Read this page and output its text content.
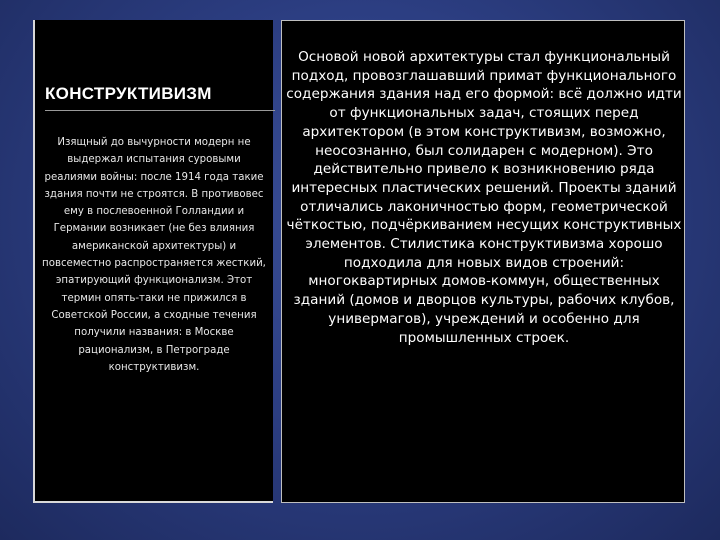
КОНСТРУКТИВИЗМ
Изящный до вычурности модерн не выдержал испытания суровыми реалиями войны: после 1914 года такие здания почти не строятся. В противовес ему в послевоенной Голландии и Германии возникает (не без влияния американской архитектуры) и повсеместно распространяется жесткий, эпатирующий функционализм. Этот термин опять-таки не прижился в Советской России, а сходные течения получили названия: в Москве рационализм, в Петрограде конструктивизм.
Основой новой архитектуры стал функциональный подход, провозглашавший примат функционального содержания здания над его формой: всё должно идти от функциональных задач, стоящих перед архитектором (в этом конструктивизм, возможно, неосознанно, был солидарен с модерном). Это действительно привело к возникновению ряда интересных пластических решений. Проекты зданий отличались лаконичностью форм, геометрической чёткостью, подчёркиванием несущих конструктивных элементов. Стилистика конструктивизма хорошо подходила для новых видов строений: многоквартирных домов-коммун, общественных зданий (домов и дворцов культуры, рабочих клубов, универмагов), учреждений и особенно для промышленных строек.
